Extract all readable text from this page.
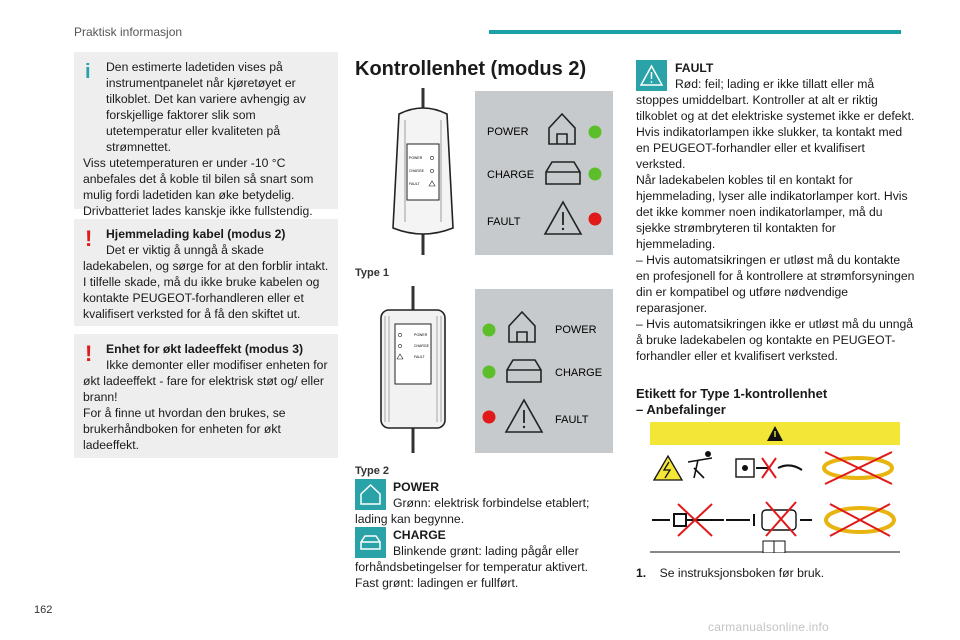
Praktisk informasjon
i	Den estimerte ladetiden vises på instrumentpanelet når kjøretøyet er tilkoblet. Det kan variere avhengig av forskjellige faktorer slik som utetemperatur eller kvaliteten på strømnettet.

Viss utetemperaturen er under -10 °C anbefales det å koble til bilen så snart som mulig fordi ladetiden kan øke betydelig. Drivbatteriet lades kanskje ikke fullstendig.

!	Hjemmelading kabel (modus 2)

Det er viktig å unngå å skade ladekabelen, og sørge for at den forblir intakt. I tilfelle skade, må du ikke bruke kabelen og kontakte PEUGEOT-forhandleren eller et kvalifisert verksted for å få den skiftet ut.

!	Enhet for økt ladeeffekt (modus 3)

Ikke demonter eller modifiser enheten for økt ladeeffekt - fare for elektrisk støt og/ eller brann!

For å finne ut hvordan den brukes, se brukerhåndboken for enheten for økt ladeeffekt.

Kontrollenhet (modus 2)
POWER
CHARGE
FAULT
POWER
CHARGE
FAULT
Type 1
POWER
CHARGE
FAULT
POWER
CHARGE
FAULT
Type 2
POWER
Grønn: elektrisk forbindelse etablert; lading kan begynne.
CHARGE
Blinkende grønt: lading pågår eller forhåndsbetingelser for temperatur aktivert.
Fast grønt: ladingen er fullført.
FAULT

Rød: feil; lading er ikke tillatt eller må stoppes umiddelbart. Kontroller at alt er riktig tilkoblet og at det elektriske systemet ikke er defekt.

Hvis indikatorlampen ikke slukker, ta kontakt med en PEUGEOT-forhandler eller et kvalifisert verksted.

Når ladekabelen kobles til en kontakt for hjemmelading, lyser alle indikatorlamper kort. Hvis det ikke kommer noen indikatorlamper, må du sjekke strømbryteren til kontakten for hjemmelading.

– Hvis automatsikringen er utløst må du kontakte en profesjonell for å kontrollere at strømforsyningen din er kompatibel og utføre nødvendige reparasjoner.

– Hvis automatsikringen ikke er utløst må du unngå å bruke ladekabelen og kontakte en PEUGEOT-forhandler eller et kvalifisert verksted.

Etikett for Type 1-kontrollenhet
– Anbefalinger
1. Se instruksjonsboken før bruk.
162
carmanualsonline.info
